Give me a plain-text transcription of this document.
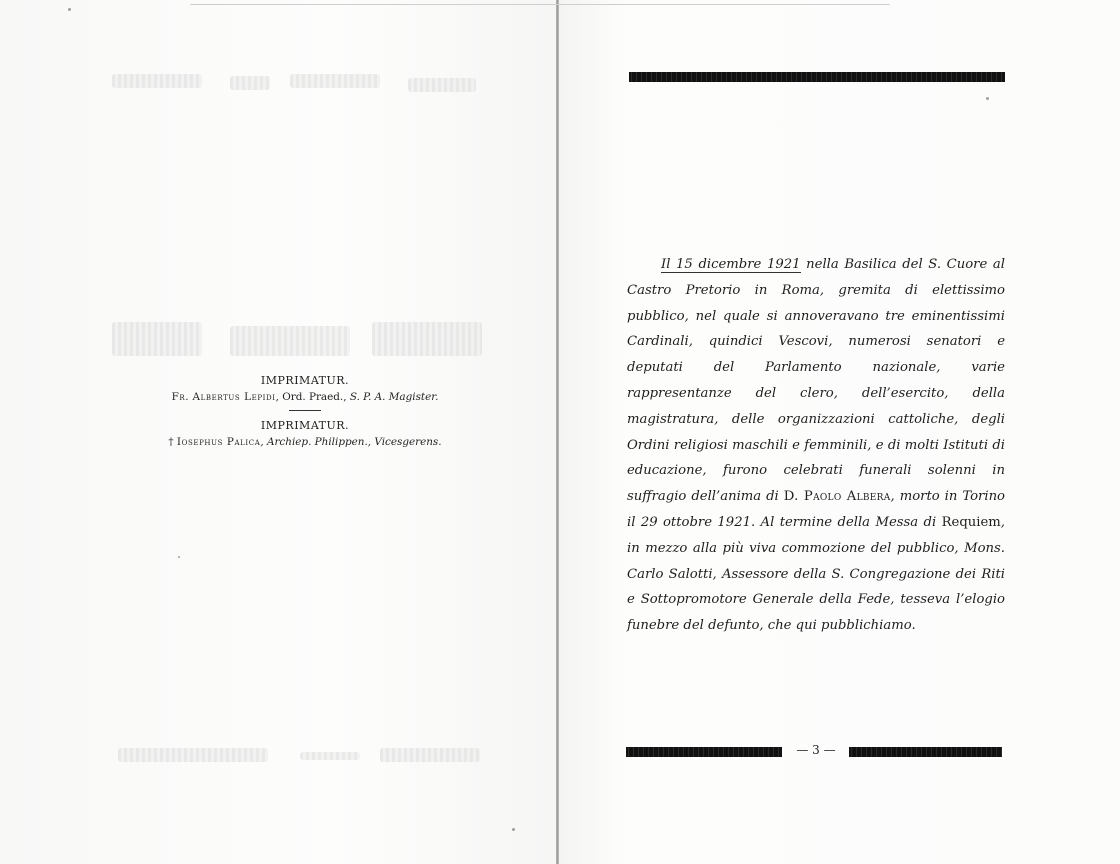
IMPRIMATUR.
Fr. Albertus Lepidi, Ord. Praed., S. P. A. Magister.
IMPRIMATUR.
† Iosephus Palica, Archiep. Philippen., Vicesgerens.

Il 15 dicembre 1921 nella Basilica del S. Cuore al Castro Pretorio in Roma, gremita di elettissimo pubblico, nel quale si annoveravano tre eminentissimi Cardinali, quindici Vescovi, numerosi senatori e deputati del Parlamento nazionale, varie rappresentanze del clero, dell’esercito, della magistratura, delle organizzazioni cattoliche, degli Ordini religiosi maschili e femminili, e di molti Istituti di educazione, furono celebrati funerali solenni in suffragio dell’anima di D. Paolo Albera, morto in Torino il 29 ottobre 1921. Al termine della Messa di Requiem, in mezzo alla più viva commozione del pubblico, Mons. Carlo Salotti, Assessore della S. Congregazione dei Riti e Sottopromotore Generale della Fede, tesseva l’elogio funebre del defunto, che qui pubblichiamo.

— 3 —
